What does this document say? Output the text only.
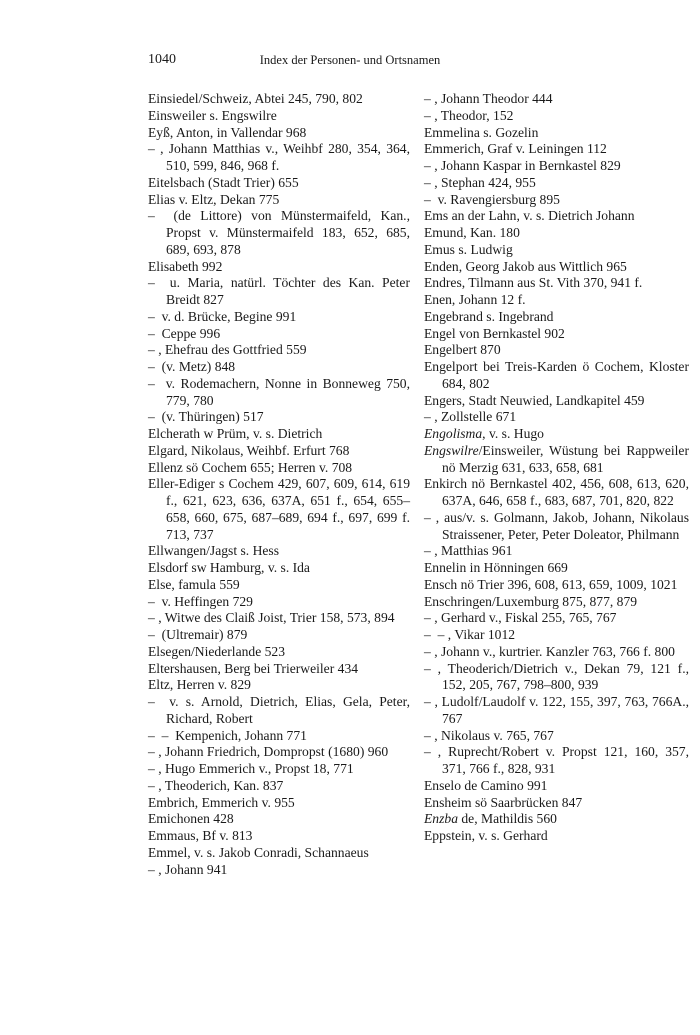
1040	Index der Personen- und Ortsnamen
Einsiedel/Schweiz, Abtei 245, 790, 802
Einsweiler s. Engswilre
Eyß, Anton, in Vallendar 968
– , Johann Matthias v., Weihbf 280, 354, 364, 510, 599, 846, 968 f.
Eitelsbach (Stadt Trier) 655
Elias v. Eltz, Dekan 775
–  (de Littore) von Münstermaifeld, Kan., Propst v. Münstermaifeld 183, 652, 685, 689, 693, 878
Elisabeth 992
–  u. Maria, natürl. Töchter des Kan. Peter Breidt 827
–  v. d. Brücke, Begine 991
–  Ceppe 996
– , Ehefrau des Gottfried 559
–  (v. Metz) 848
–  v. Rodemachern, Nonne in Bonneweg 750, 779, 780
–  (v. Thüringen) 517
Elcherath w Prüm, v. s. Dietrich
Elgard, Nikolaus, Weihbf. Erfurt 768
Ellenz sö Cochem 655; Herren v. 708
Eller-Ediger s Cochem 429, 607, 609, 614, 619 f., 621, 623, 636, 637A, 651 f., 654, 655–658, 660, 675, 687–689, 694 f., 697, 699 f. 713, 737
Ellwangen/Jagst s. Hess
Elsdorf sw Hamburg, v. s. Ida
Else, famula 559
–  v. Heffingen 729
– , Witwe des Claiß Joist, Trier 158, 573, 894
–  (Ultremair) 879
Elsegen/Niederlande 523
Eltershausen, Berg bei Trierweiler 434
Eltz, Herren v. 829
–  v. s. Arnold, Dietrich, Elias, Gela, Peter, Richard, Robert
–  –  Kempenich, Johann 771
– , Johann Friedrich, Dompropst (1680) 960
– , Hugo Emmerich v., Propst 18, 771
– , Theoderich, Kan. 837
Embrich, Emmerich v. 955
Emichonen 428
Emmaus, Bf v. 813
Emmel, v. s. Jakob Conradi, Schannaeus
– , Johann 941
– , Johann Theodor 444
– , Theodor, 152
Emmelina s. Gozelin
Emmerich, Graf v. Leiningen 112
– , Johann Kaspar in Bernkastel 829
– , Stephan 424, 955
–  v. Ravengiersburg 895
Ems an der Lahn, v. s. Dietrich Johann
Emund, Kan. 180
Emus s. Ludwig
Enden, Georg Jakob aus Wittlich 965
Endres, Tilmann aus St. Vith 370, 941 f.
Enen, Johann 12 f.
Engebrand s. Ingebrand
Engel von Bernkastel 902
Engelbert 870
Engelport bei Treis-Karden ö Cochem, Kloster 684, 802
Engers, Stadt Neuwied, Landkapitel 459
– , Zollstelle 671
Engolisma, v. s. Hugo
Engswilre/Einsweiler, Wüstung bei Rappweiler nö Merzig 631, 633, 658, 681
Enkirch nö Bernkastel 402, 456, 608, 613, 620, 637A, 646, 658 f., 683, 687, 701, 820, 822
– , aus/v. s. Golmann, Jakob, Johann, Nikolaus Straissener, Peter, Peter Doleator, Philmann
– , Matthias 961
Ennelin in Hönningen 669
Ensch nö Trier 396, 608, 613, 659, 1009, 1021
Enschringen/Luxemburg 875, 877, 879
– , Gerhard v., Fiskal 255, 765, 767
–  – , Vikar 1012
– , Johann v., kurtrier. Kanzler 763, 766 f. 800
– , Theoderich/Dietrich v., Dekan 79, 121 f., 152, 205, 767, 798–800, 939
– , Ludolf/Laudolf v. 122, 155, 397, 763, 766A., 767
– , Nikolaus v. 765, 767
– , Ruprecht/Robert v. Propst 121, 160, 357, 371, 766 f., 828, 931
Enselo de Camino 991
Ensheim sö Saarbrücken 847
Enzba de, Mathildis 560
Eppstein, v. s. Gerhard
